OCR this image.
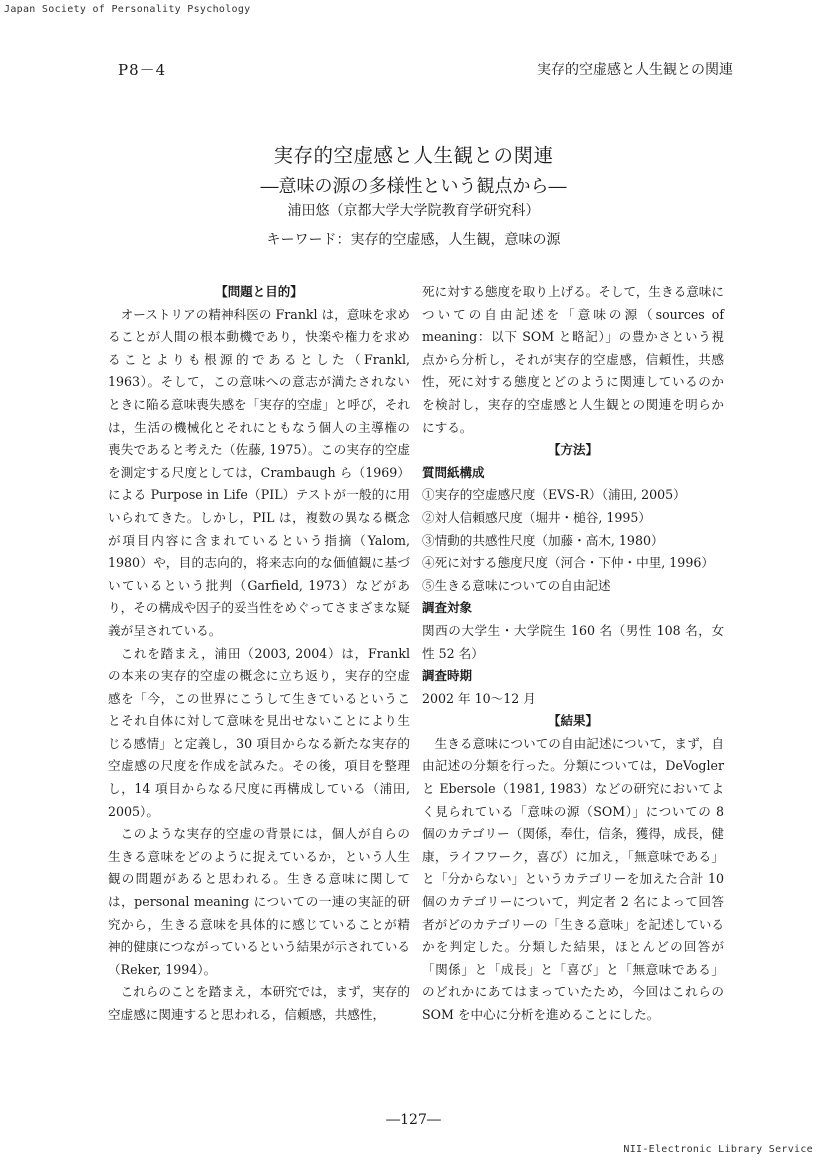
Japan Society of Personality Psychology
P8－4	実存的空虚感と人生観との関連
実存的空虚感と人生観との関連
―意味の源の多様性という観点から―
浦田悠（京都大学大学院教育学研究科）
キーワード：実存的空虚感，人生観，意味の源

【問題と目的】

オーストリアの精神科医の Frankl は，意味を求めることが人間の根本動機であり，快楽や権力を求めることよりも根源的であるとした（Frankl, 1963）。そして，この意味への意志が満たされないときに陥る意味喪失感を「実存的空虚」と呼び，それは，生活の機械化とそれにともなう個人の主導権の喪失であると考えた（佐藤, 1975）。この実存的空虚を測定する尺度としては，Crambaugh ら（1969）による Purpose in Life（PIL）テストが一般的に用いられてきた。しかし，PIL は，複数の異なる概念が項目内容に含まれているという指摘（Yalom, 1980）や，目的志向的，将来志向的な価値観に基づいているという批判（Garfield, 1973）などがあり，その構成や因子的妥当性をめぐってさまざまな疑義が呈されている。

これを踏まえ，浦田（2003, 2004）は，Frankl の本来の実存的空虚の概念に立ち返り，実存的空虚感を「今，この世界にこうして生きているということそれ自体に対して意味を見出せないことにより生じる感情」と定義し，30 項目からなる新たな実存的空虚感の尺度を作成を試みた。その後，項目を整理し，14 項目からなる尺度に再構成している（浦田, 2005）。

このような実存的空虚の背景には，個人が自らの生きる意味をどのように捉えているか，という人生観の問題があると思われる。生きる意味に関しては，personal meaning についての一連の実証的研究から，生きる意味を具体的に感じていることが精神的健康につながっているという結果が示されている（Reker, 1994）。

これらのことを踏まえ，本研究では，まず，実存的空虚感に関連すると思われる，信頼感，共感性，

死に対する態度を取り上げる。そして，生きる意味についての自由記述を「意味の源（sources of meaning：以下 SOM と略記）」の豊かさという視点から分析し，それが実存的空虚感，信頼性，共感性，死に対する態度とどのように関連しているのかを検討し，実存的空虚感と人生観との関連を明らかにする。

【方法】

質問紙構成

①実存的空虚感尺度（EVS-R）（浦田, 2005）

②対人信頼感尺度（堀井・槌谷, 1995）

③情動的共感性尺度（加藤・高木, 1980）

④死に対する態度尺度（河合・下仲・中里, 1996）

⑤生きる意味についての自由記述

調査対象

関西の大学生・大学院生 160 名（男性 108 名，女性 52 名）

調査時期

2002 年 10～12 月

【結果】

生きる意味についての自由記述について，まず，自由記述の分類を行った。分類については，DeVogler と Ebersole（1981, 1983）などの研究においてよく見られている「意味の源（SOM）」についての 8 個のカテゴリー（関係，奉仕，信条，獲得，成長，健康，ライフワーク，喜び）に加え，「無意味である」と「分からない」というカテゴリーを加えた合計 10 個のカテゴリーについて，判定者 2 名によって回答者がどのカテゴリーの「生きる意味」を記述しているかを判定した。分類した結果，ほとんどの回答が「関係」と「成長」と「喜び」と「無意味である」のどれかにあてはまっていたため，今回はこれらの SOM を中心に分析を進めることにした。

―127―
NII-Electronic Library Service
